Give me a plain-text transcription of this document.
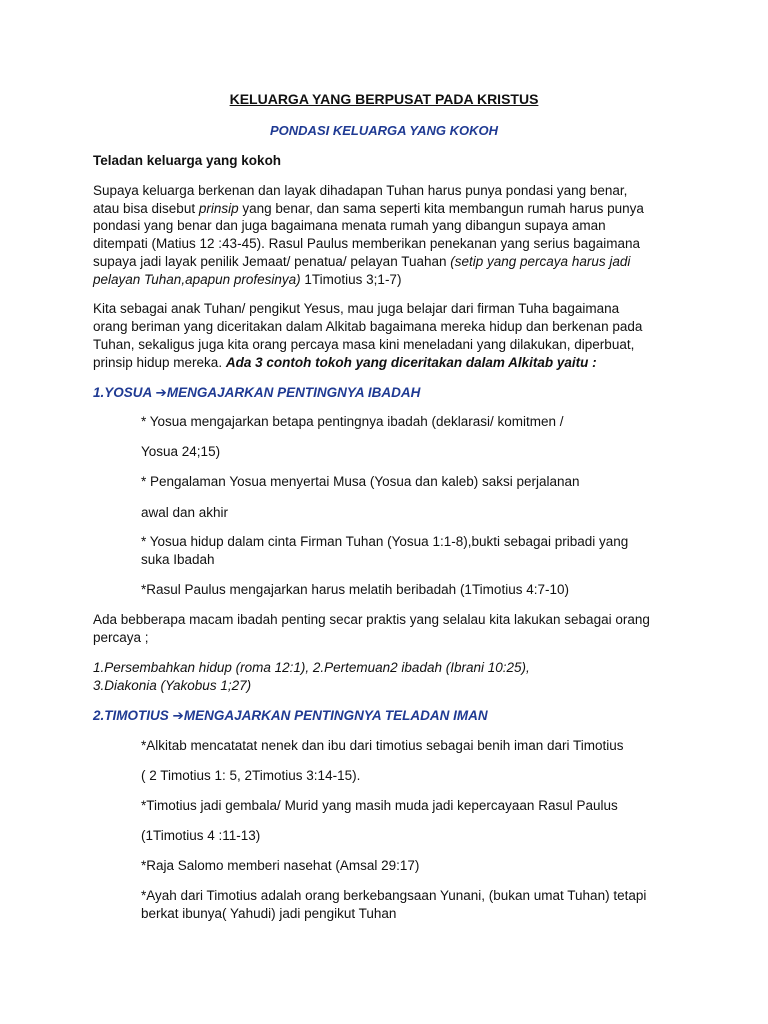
KELUARGA YANG BERPUSAT PADA KRISTUS
PONDASI KELUARGA YANG KOKOH
Teladan keluarga yang kokoh
Supaya keluarga berkenan dan layak dihadapan Tuhan harus punya pondasi yang benar,
atau bisa disebut prinsip yang benar, dan sama seperti kita membangun rumah harus punya
pondasi yang benar dan juga bagaimana menata rumah yang dibangun supaya aman
ditempati (Matius 12 :43-45). Rasul Paulus memberikan penekanan yang serius bagaimana
supaya jadi layak penilik Jemaat/ penatua/ pelayan Tuahan (setip yang percaya harus jadi
pelayan Tuhan,apapun profesinya) 1Timotius 3;1-7)
Kita sebagai anak Tuhan/ pengikut Yesus, mau juga belajar dari firman Tuha bagaimana
orang beriman yang diceritakan dalam Alkitab bagaimana mereka hidup dan berkenan pada
Tuhan, sekaligus juga kita orang percaya masa kini meneladani yang dilakukan, diperbuat,
prinsip hidup mereka. Ada 3 contoh tokoh yang diceritakan dalam Alkitab yaitu :
1.YOSUA ➔MENGAJARKAN PENTINGNYA IBADAH
* Yosua mengajarkan betapa pentingnya ibadah (deklarasi/ komitmen /
Yosua 24;15)
* Pengalaman Yosua menyertai Musa (Yosua dan kaleb) saksi perjalanan
awal dan akhir
* Yosua hidup dalam cinta Firman Tuhan (Yosua 1:1-8),bukti sebagai pribadi yang
suka Ibadah
*Rasul Paulus mengajarkan harus melatih beribadah (1Timotius 4:7-10)
Ada bebberapa macam ibadah penting secar praktis yang selalau kita lakukan sebagai orang
percaya ;
1.Persembahkan hidup (roma 12:1), 2.Pertemuan2 ibadah (Ibrani 10:25),
3.Diakonia (Yakobus 1;27)
2.TIMOTIUS ➔MENGAJARKAN PENTINGNYA TELADAN IMAN
*Alkitab mencatatat nenek dan ibu dari timotius sebagai benih iman dari Timotius
( 2 Timotius 1: 5, 2Timotius 3:14-15).
*Timotius jadi gembala/ Murid yang masih muda jadi kepercayaan Rasul Paulus
(1Timotius 4 :11-13)
*Raja Salomo memberi nasehat (Amsal 29:17)
*Ayah dari Timotius adalah orang berkebangsaan Yunani, (bukan umat Tuhan) tetapi
berkat ibunya( Yahudi) jadi pengikut Tuhan
